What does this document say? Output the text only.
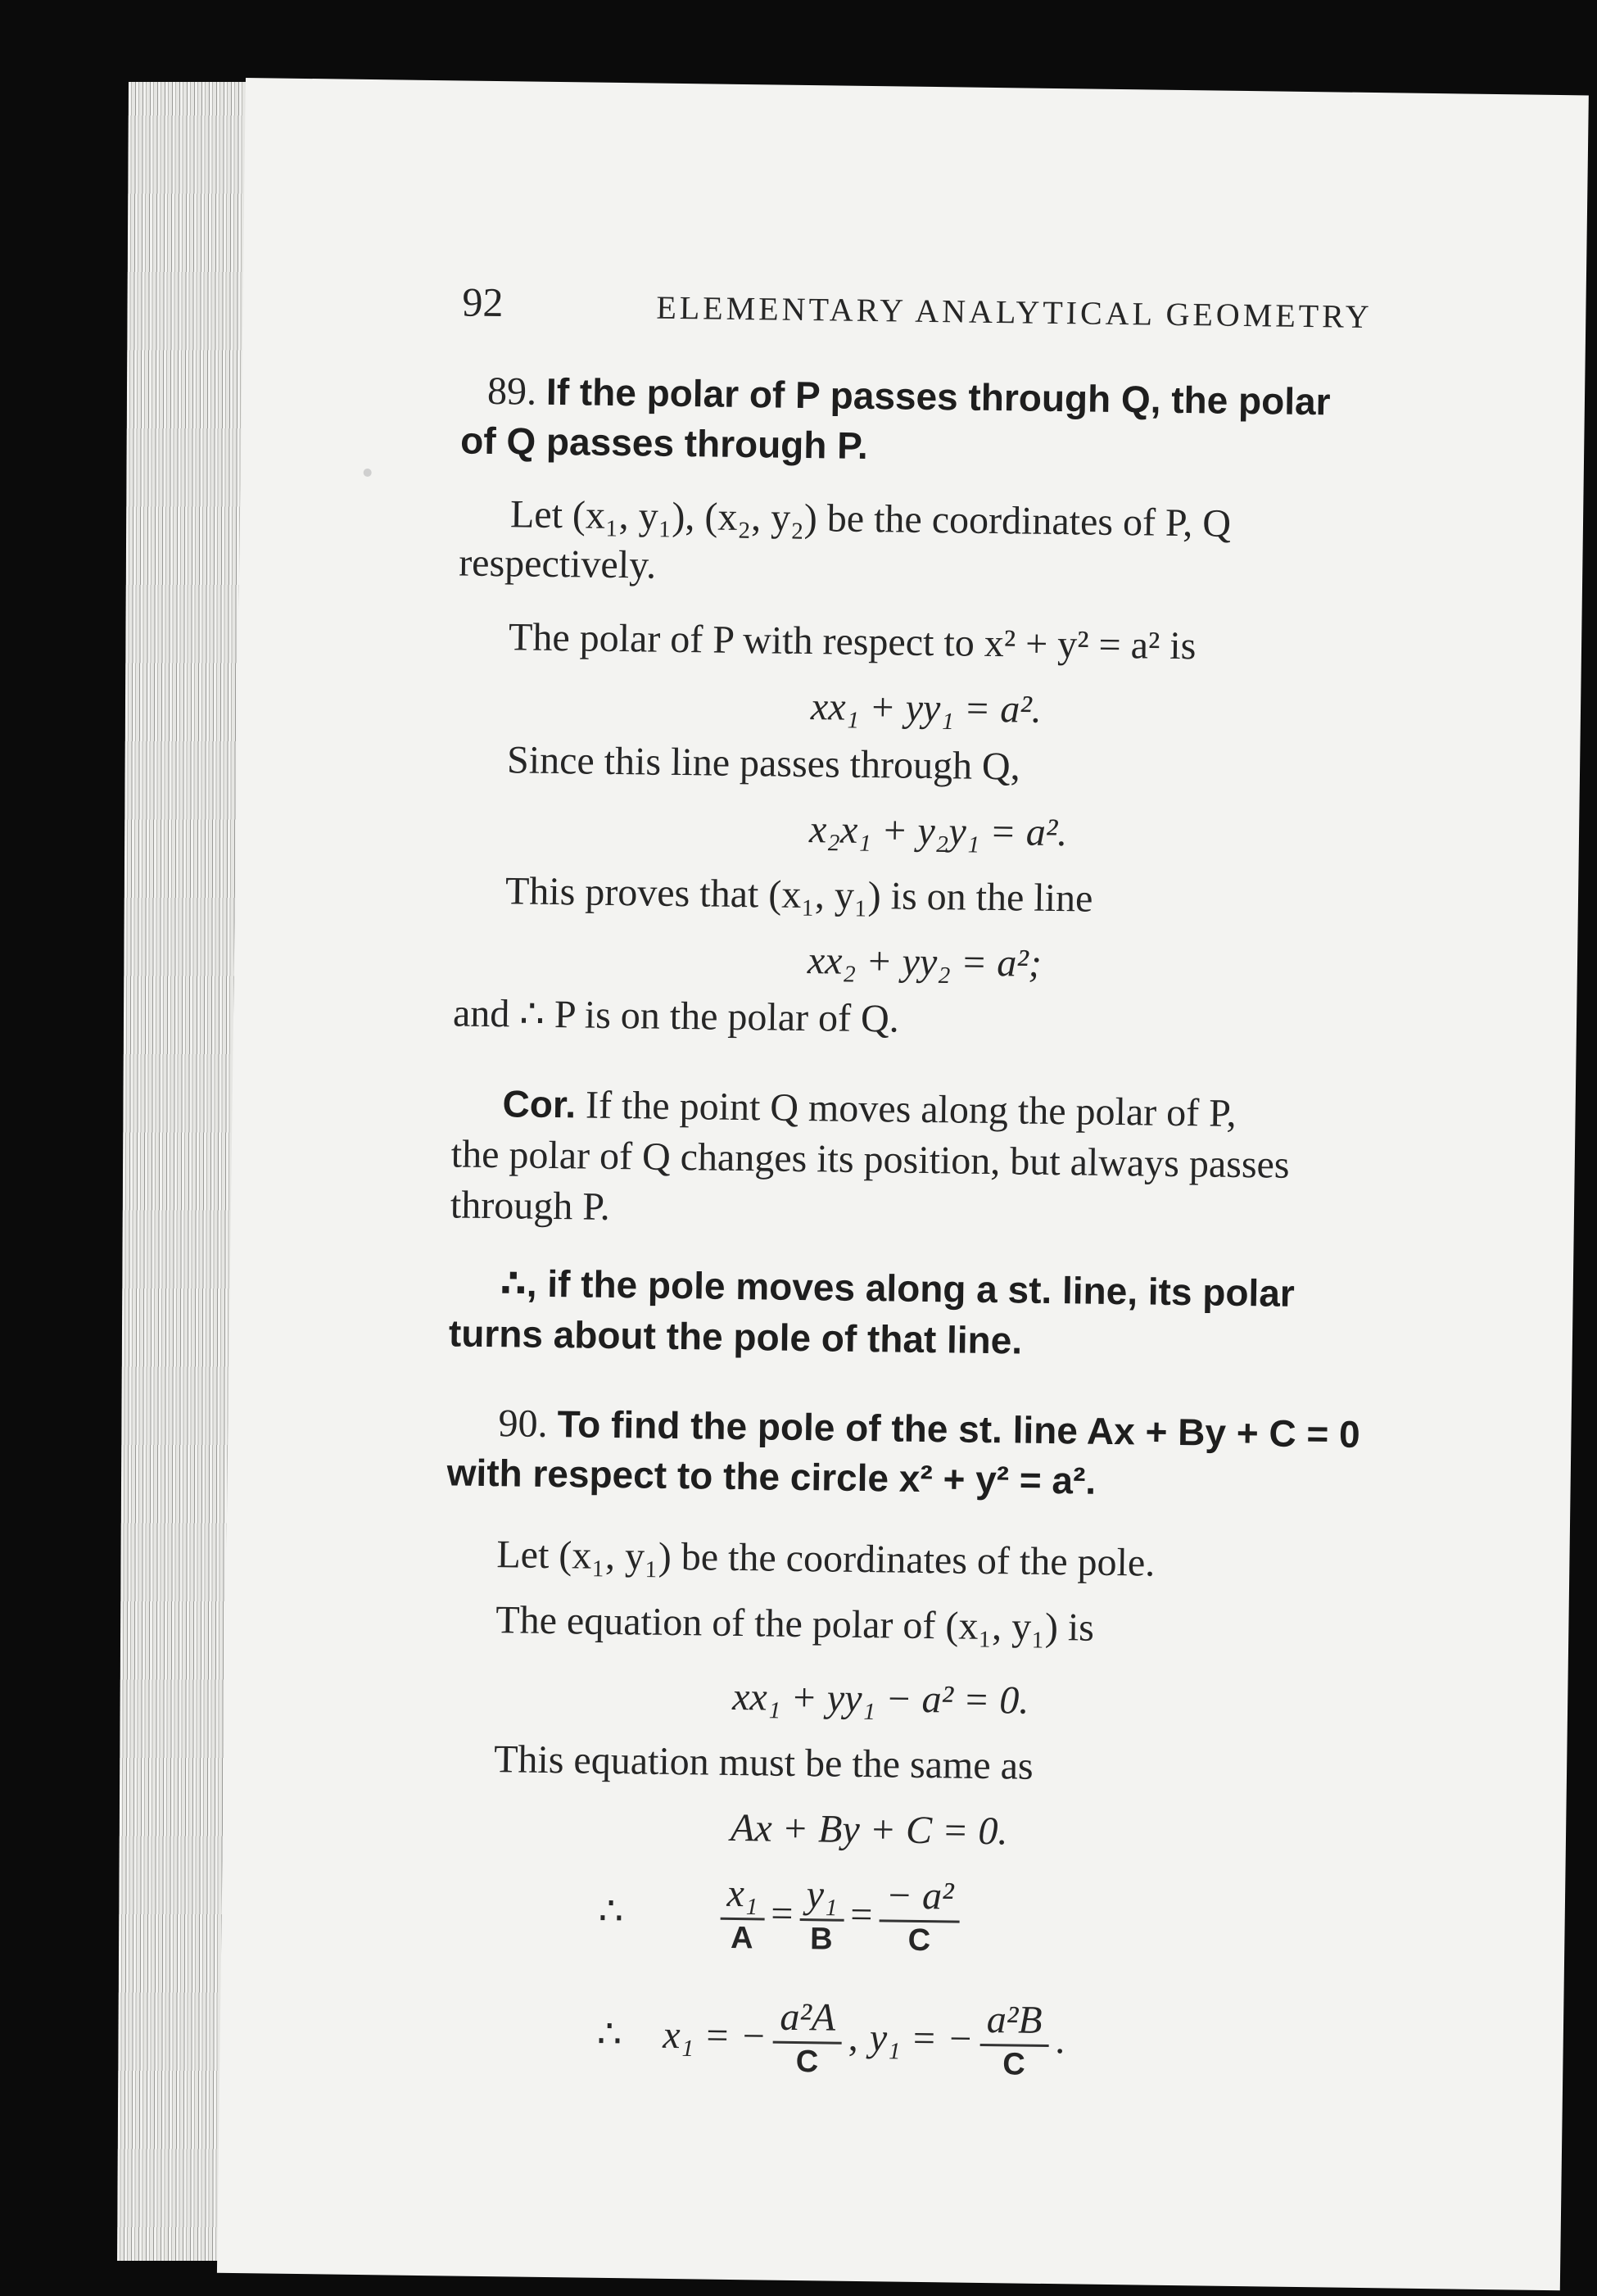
92	ELEMENTARY ANALYTICAL GEOMETRY
89. If the polar of P passes through Q, the polar
of Q passes through P.
Let (x₁, y₁), (x₂, y₂) be the coordinates of P, Q
respectively.
The polar of P with respect to x² + y² = a² is
xx₁ + yy₁ = a².
Since this line passes through Q,
x₂x₁ + y₂y₁ = a².
This proves that (x₁, y₁) is on the line
xx₂ + yy₂ = a²;
and ∴ P is on the polar of Q.
Cor. If the point Q moves along the polar of P,
the polar of Q changes its position, but always passes
through P.
∴, if the pole moves along a st. line, its polar
turns about the pole of that line.
90. To find the pole of the st. line Ax + By + C = 0
with respect to the circle x² + y² = a².
Let (x₁, y₁) be the coordinates of the pole.
The equation of the polar of (x₁, y₁) is
xx₁ + yy₁ − a² = 0.
This equation must be the same as
Ax + By + C = 0.
∴ $\frac{\text{x₁}}{A} = \frac{\text{y₁}}{B} = \frac{\text{− a²}}{C}$
∴ x₁ = − $\frac{\text{a²A}}{C}$ , y₁ = − $\frac{\text{a²B}}{C}$ .
